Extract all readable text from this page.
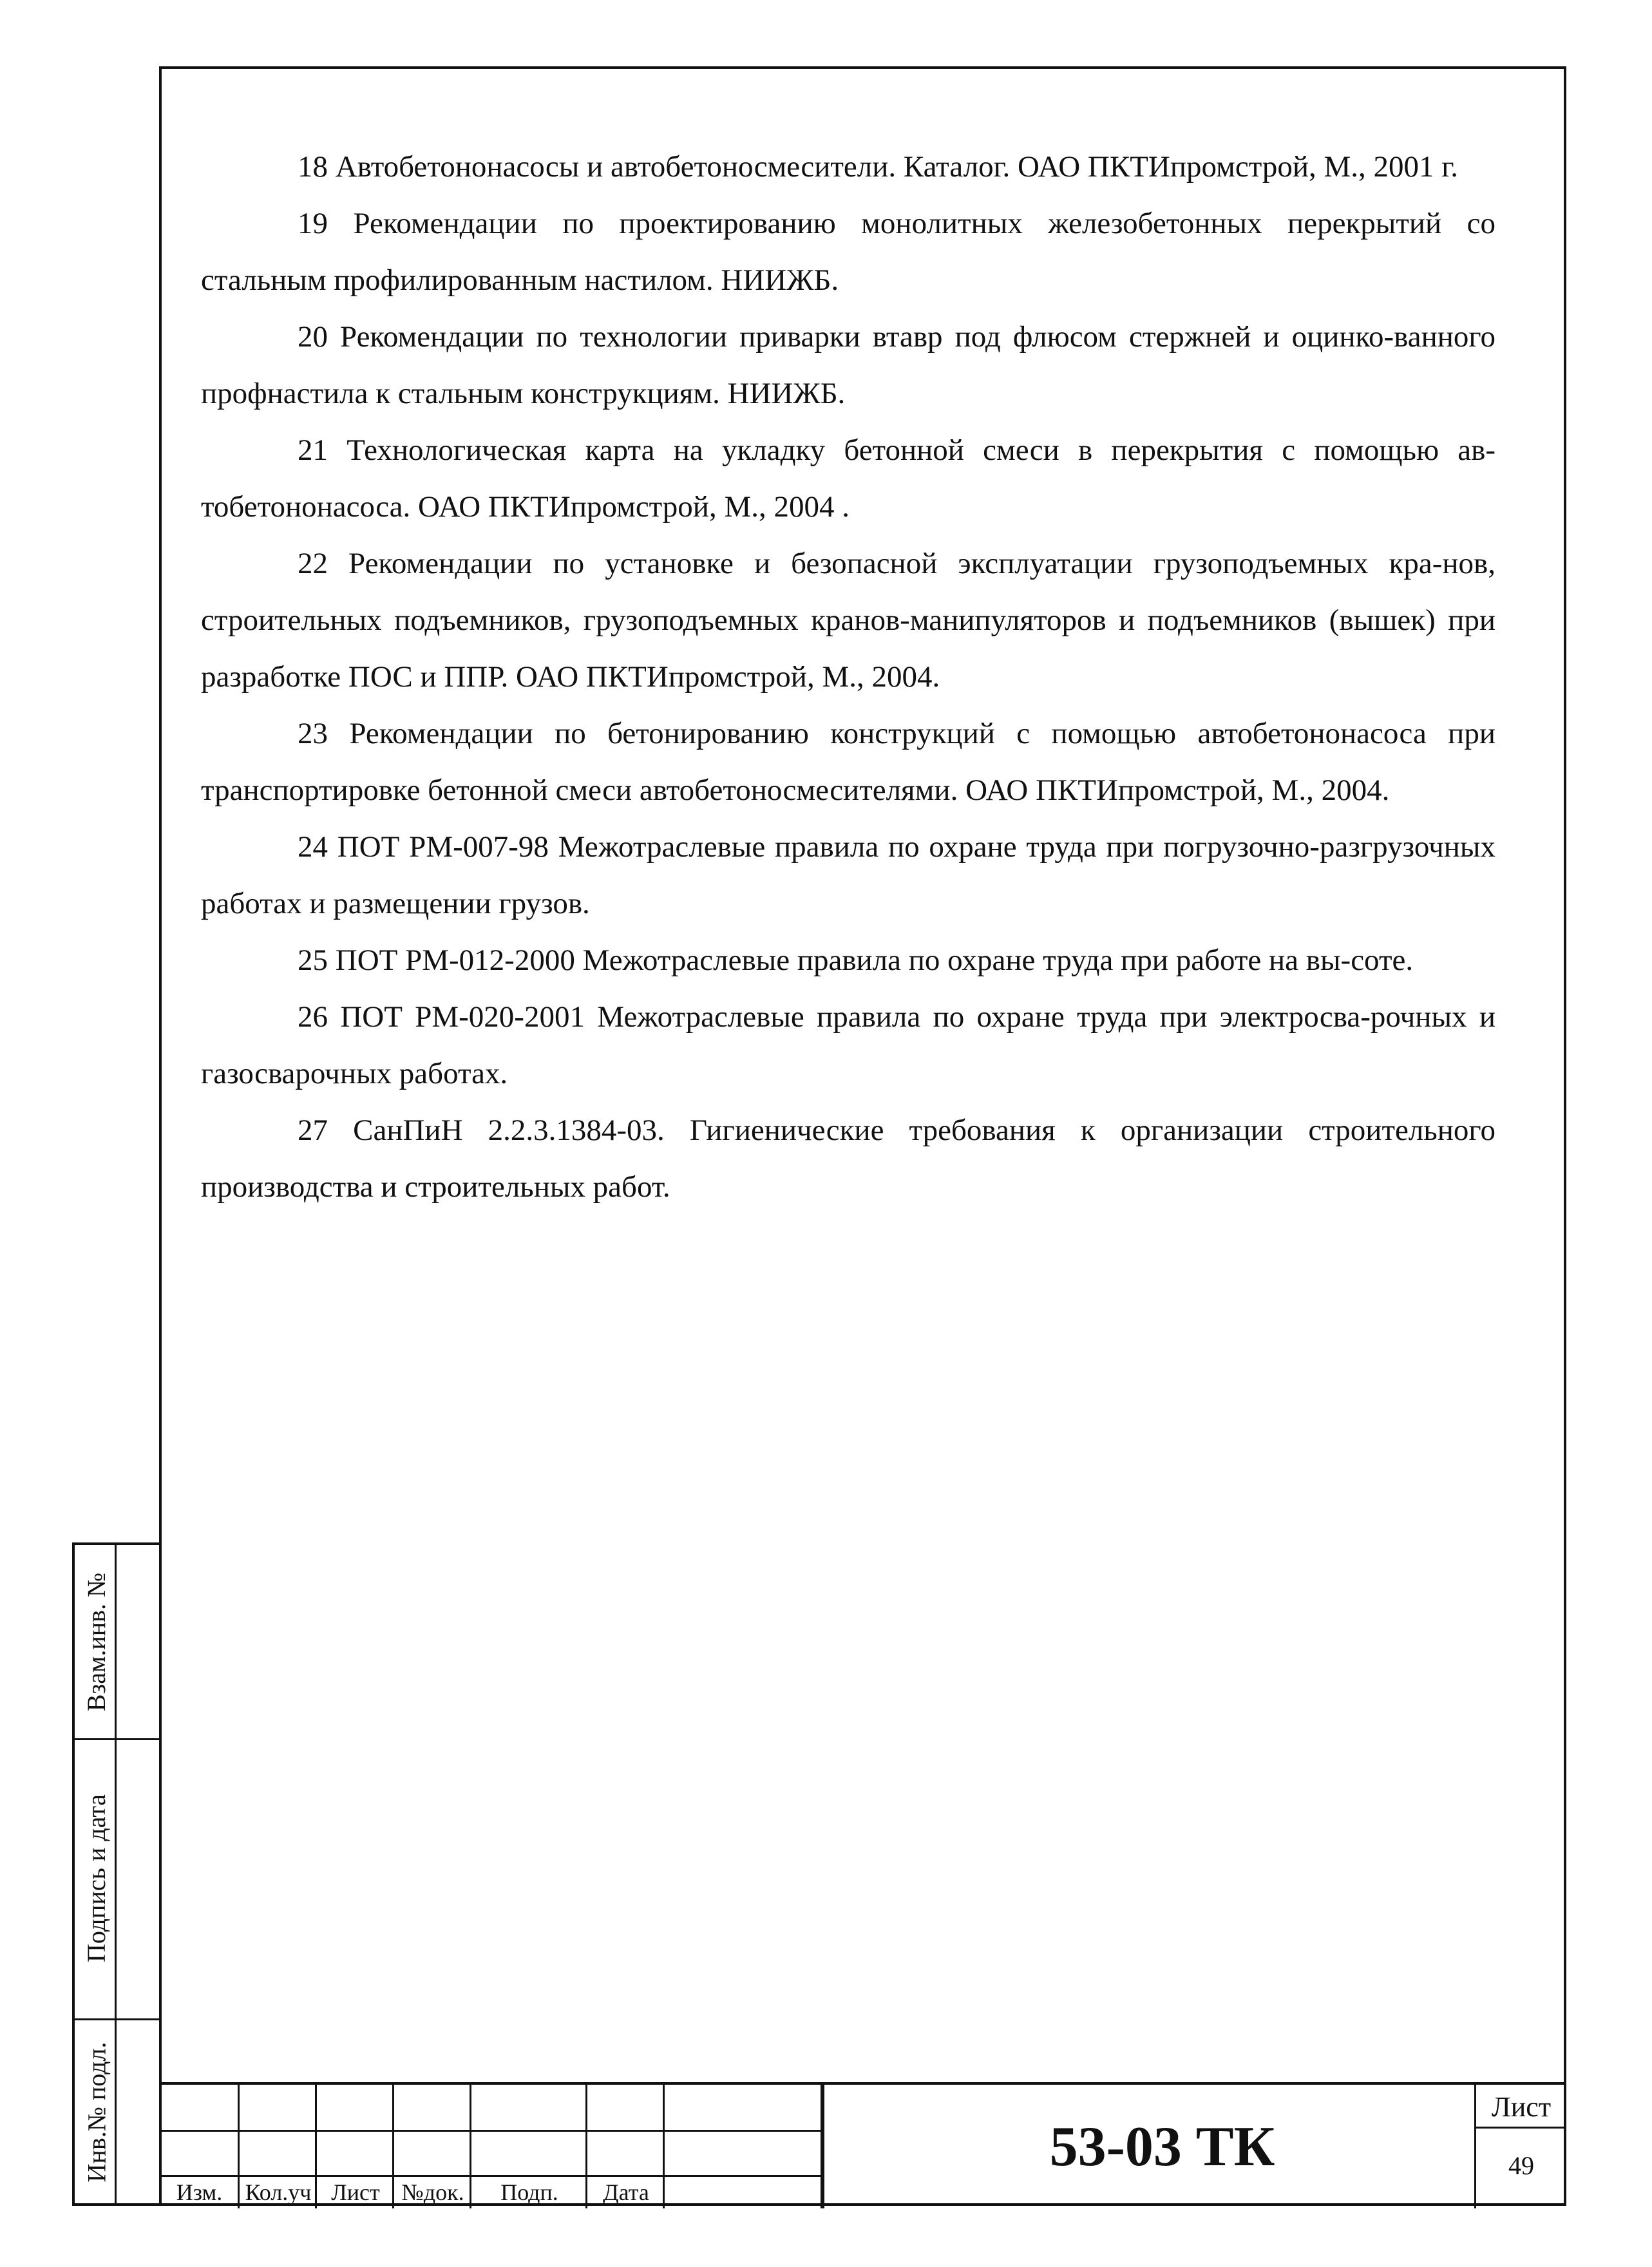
18 Автобетононасосы и автобетоносмесители. Каталог. ОАО ПКТИпромстрой, М., 2001 г.

19 Рекомендации по проектированию монолитных железобетонных перекрытий со стальным профилированным настилом. НИИЖБ.

20 Рекомендации по технологии приварки втавр под флюсом стержней и оцинко-ванного профнастила к стальным конструкциям. НИИЖБ.

21 Технологическая карта на укладку бетонной смеси в перекрытия с помощью ав-тобетононасоса. ОАО ПКТИпромстрой, М., 2004 .

22 Рекомендации по установке и безопасной эксплуатации грузоподъемных кра-нов, строительных подъемников, грузоподъемных кранов-манипуляторов и подъемников (вышек) при разработке ПОС и ППР. ОАО ПКТИпромстрой, М., 2004.

23 Рекомендации по бетонированию конструкций с помощью автобетононасоса при транспортировке бетонной смеси автобетоносмесителями. ОАО ПКТИпромстрой, М., 2004.

24 ПОТ РМ-007-98 Межотраслевые правила по охране труда при погрузочно-разгрузочных работах и размещении грузов.

25 ПОТ РМ-012-2000 Межотраслевые правила по охране труда при работе на вы-соте.

26 ПОТ РМ-020-2001 Межотраслевые правила по охране труда при электросва-рочных и газосварочных работах.

27 СанПиН 2.2.3.1384-03. Гигиенические требования к организации строительного производства и строительных работ.

Взам.инв. №
Подпись и дата
Инв.№ подл.
Изм. Кол.уч Лист №док.	Подп.	Дата
53-03 ТК
Лист
49
